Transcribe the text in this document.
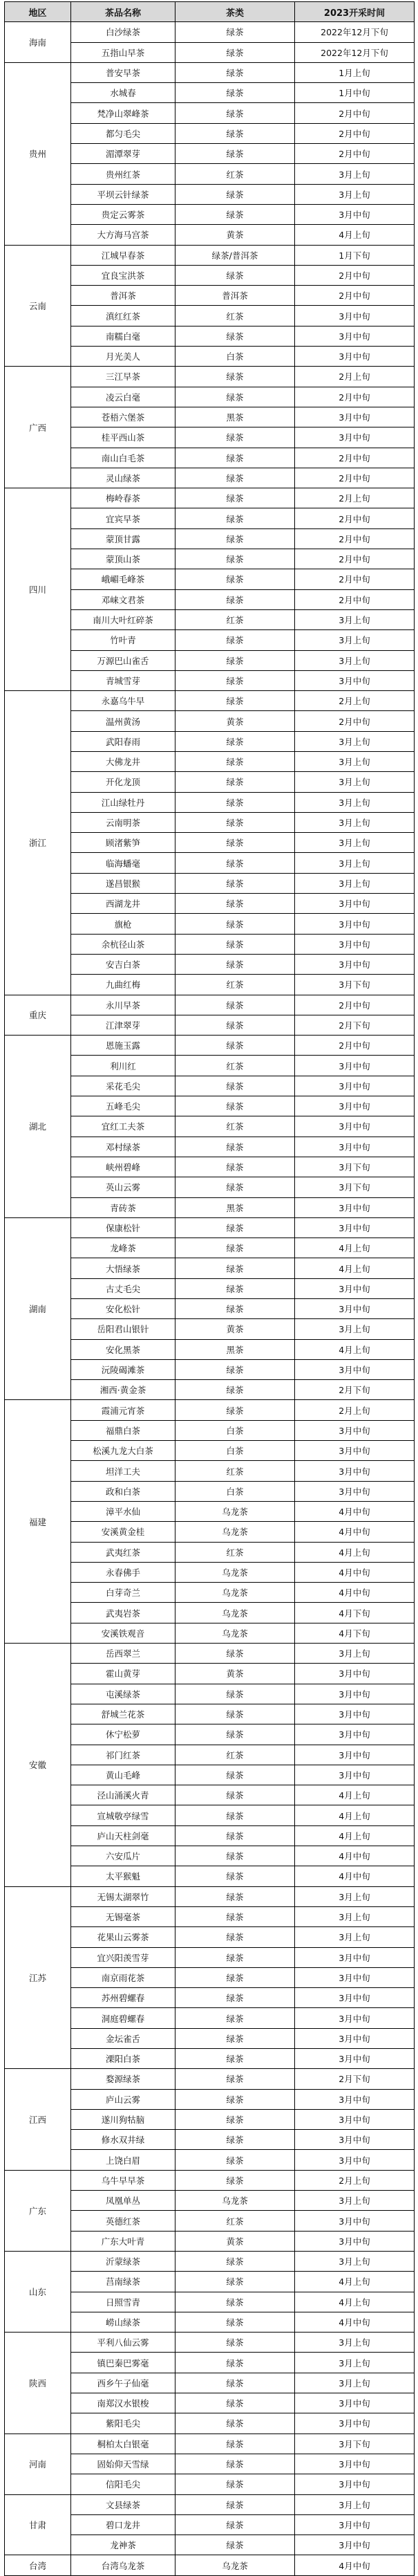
地区	茶品名称	茶类	2023开采时间
海南	白沙绿茶	绿茶	2022年12月下旬
	五指山早茶	绿茶	2022年12月下旬
贵州	普安早茶	绿茶	1月上旬
	水城春	绿茶	1月中旬
	梵净山翠峰茶	绿茶	2月中旬
	都匀毛尖	绿茶	2月中旬
	湄潭翠芽	绿茶	2月中旬
	贵州红茶	红茶	3月上旬
	平坝云针绿茶	绿茶	3月上旬
	贵定云雾茶	绿茶	3月中旬
	大方海马宫茶	黄茶	4月上旬
云南	江城早春茶	绿茶/普洱茶	1月下旬
	宜良宝洪茶	绿茶	2月中旬
	普洱茶	普洱茶	2月中旬
	滇红红茶	红茶	3月中旬
	南糯白毫	绿茶	3月中旬
	月光美人	白茶	3月中旬
广西	三江早茶	绿茶	2月上旬
	凌云白毫	绿茶	2月中旬
	苍梧六堡茶	黑茶	3月中旬
	桂平西山茶	绿茶	3月中旬
	南山白毛茶	绿茶	2月中旬
	灵山绿茶	绿茶	2月中旬
四川	梅岭春茶	绿茶	2月上旬
	宜宾早茶	绿茶	2月中旬
	蒙顶甘露	绿茶	2月中旬
	蒙顶山茶	绿茶	2月中旬
	峨嵋毛峰茶	绿茶	2月中旬
	邓崃文君茶	绿茶	2月中旬
	南川大叶红碎茶	红茶	3月上旬
	竹叶青	绿茶	3月上旬
	万源巴山雀舌	绿茶	3月上旬
	青城雪芽	绿茶	3月中旬
浙江	永嘉乌牛早	绿茶	2月上旬
	温州黄汤	黄茶	2月中旬
	武阳春雨	绿茶	3月上旬
	大佛龙井	绿茶	3月上旬
	开化龙顶	绿茶	3月上旬
	江山绿牡丹	绿茶	3月上旬
	云南明茶	绿茶	3月上旬
	顾渚紫笋	绿茶	3月上旬
	临海蟠毫	绿茶	3月上旬
	遂昌银猴	绿茶	3月上旬
	西湖龙井	绿茶	3月中旬
	旗枪	绿茶	3月中旬
	余杭径山茶	绿茶	3月中旬
	安吉白茶	绿茶	3月中旬
	九曲红梅	红茶	3月下旬
重庆	永川早茶	绿茶	2月中旬
	江津翠芽	绿茶	2月下旬
湖北	恩施玉露	绿茶	2月中旬
	利川红	红茶	3月中旬
	采花毛尖	绿茶	3月中旬
	五峰毛尖	绿茶	3月中旬
	宜红工夫茶	红茶	3月中旬
	邓村绿茶	绿茶	3月中旬
	峡州碧峰	绿茶	3月下旬
	英山云雾	绿茶	3月下旬
	青砖茶	黑茶	3月中旬
湖南	保康松针	绿茶	3月中旬
	龙峰茶	绿茶	4月上旬
	大悟绿茶	绿茶	4月上旬
	古丈毛尖	绿茶	3月中旬
	安化松针	绿茶	3月中旬
	岳阳君山银针	黄茶	3月上旬
	安化黑茶	黑茶	4月上旬
	沅陵碣滩茶	绿茶	3月中旬
	湘西·黄金茶	绿茶	2月下旬
福建	霞浦元宵茶	绿茶	2月上旬
	福鼎白茶	白茶	3月中旬
	松溪九龙大白茶	白茶	3月中旬
	坦洋工夫	红茶	3月中旬
	政和白茶	白茶	3月中旬
	漳平水仙	乌龙茶	4月中旬
	安溪黄金桂	乌龙茶	4月中旬
	武夷红茶	红茶	4月上旬
	永春佛手	乌龙茶	4月中旬
	白芽奇兰	乌龙茶	4月中旬
	武夷岩茶	乌龙茶	4月下旬
	安溪铁观音	乌龙茶	4月下旬
安徽	岳西翠兰	绿茶	3月上旬
	霍山黄芽	黄茶	3月中旬
	屯溪绿茶	绿茶	3月中旬
	舒城兰花茶	绿茶	3月中旬
	休宁松萝	绿茶	3月中旬
	祁门红茶	红茶	3月中旬
	黄山毛峰	绿茶	3月中旬
	泾山涌溪火青	绿茶	4月上旬
	宣城敬亭绿雪	绿茶	4月上旬
	庐山天柱剑毫	绿茶	4月上旬
	六安瓜片	绿茶	4月中旬
	太平猴魁	绿茶	4月中旬
江苏	无锡太湖翠竹	绿茶	3月上旬
	无锡毫茶	绿茶	3月上旬
	花果山云雾茶	绿茶	3月上旬
	宜兴阳羡雪芽	绿茶	3月中旬
	南京雨花茶	绿茶	3月中旬
	苏州碧螺春	绿茶	3月中旬
	洞庭碧螺春	绿茶	3月中旬
	金坛雀舌	绿茶	3月中旬
	溧阳白茶	绿茶	3月中旬
江西	婺源绿茶	绿茶	2月下旬
	庐山云雾	绿茶	3月中旬
	遂川狗牯脑	绿茶	3月中旬
	修水双井绿	绿茶	3月中旬
	上饶白眉	绿茶	3月中旬
广东	乌牛早早茶	绿茶	2月上旬
	凤凰单丛	乌龙茶	3月上旬
	英德红茶	红茶	3月中旬
	广东大叶青	黄茶	3月中旬
山东	沂蒙绿茶	绿茶	3月上旬
	莒南绿茶	绿茶	4月上旬
	日照雪青	绿茶	4月上旬
	崂山绿茶	绿茶	4月中旬
陕西	平利八仙云雾	绿茶	3月上旬
	镇巴秦巴雾毫	绿茶	3月上旬
	西乡午子仙毫	绿茶	3月上旬
	南郑汉水银梭	绿茶	3月中旬
	紫阳毛尖	绿茶	3月中旬
河南	桐柏太白银毫	绿茶	3月下旬
	固始仰天雪绿	绿茶	3月中旬
	信阳毛尖	绿茶	3月中旬
甘肃	文县绿茶	绿茶	3月上旬
	碧口龙井	绿茶	3月中旬
	龙神茶	绿茶	3月中旬
台湾	台湾乌龙茶	乌龙茶	4月中旬
